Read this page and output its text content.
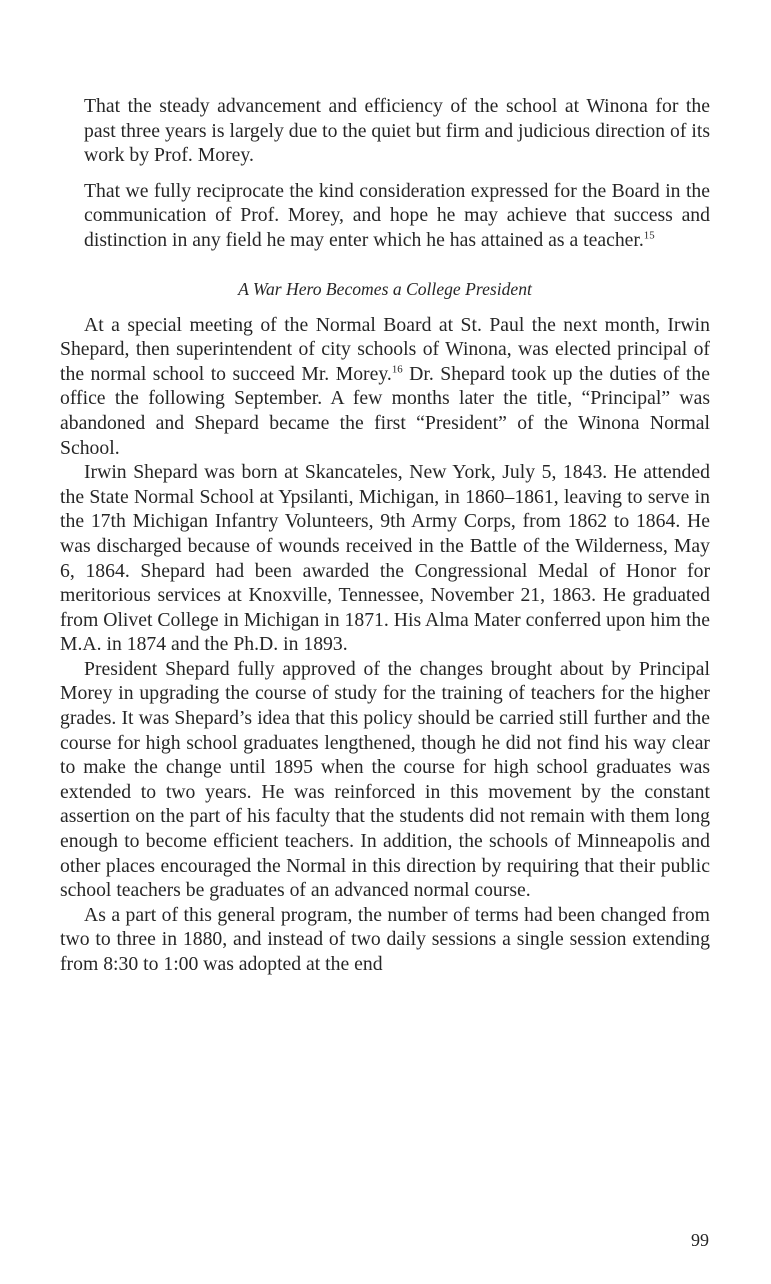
That the steady advancement and efficiency of the school at Winona for the past three years is largely due to the quiet but firm and judicious direction of its work by Prof. Morey.

That we fully reciprocate the kind consideration expressed for the Board in the communication of Prof. Morey, and hope he may achieve that success and distinction in any field he may enter which he has attained as a teacher.$^{15}$

A War Hero Becomes a College President

At a special meeting of the Normal Board at St. Paul the next month, Irwin Shepard, then superintendent of city schools of Winona, was elected principal of the normal school to succeed Mr. Morey.$^{16}$ Dr. Shepard took up the duties of the office the following September. A few months later the title, “Principal” was abandoned and Shepard became the first “President” of the Winona Normal School.

Irwin Shepard was born at Skancateles, New York, July 5, 1843. He attended the State Normal School at Ypsilanti, Michigan, in 1860–1861, leaving to serve in the 17th Michigan Infantry Volunteers, 9th Army Corps, from 1862 to 1864. He was discharged because of wounds received in the Battle of the Wilderness, May 6, 1864. Shepard had been awarded the Congressional Medal of Honor for meritorious services at Knoxville, Tennessee, November 21, 1863. He graduated from Olivet College in Michigan in 1871. His Alma Mater conferred upon him the M.A. in 1874 and the Ph.D. in 1893.

President Shepard fully approved of the changes brought about by Principal Morey in upgrading the course of study for the training of teachers for the higher grades. It was Shepard’s idea that this policy should be carried still further and the course for high school graduates lengthened, though he did not find his way clear to make the change until 1895 when the course for high school graduates was extended to two years. He was reinforced in this movement by the constant assertion on the part of his faculty that the students did not remain with them long enough to become efficient teachers. In addition, the schools of Minneapolis and other places encouraged the Normal in this direction by requiring that their public school teachers be graduates of an advanced normal course.

As a part of this general program, the number of terms had been changed from two to three in 1880, and instead of two daily sessions a single session extending from 8:30 to 1:00 was adopted at the end

99
